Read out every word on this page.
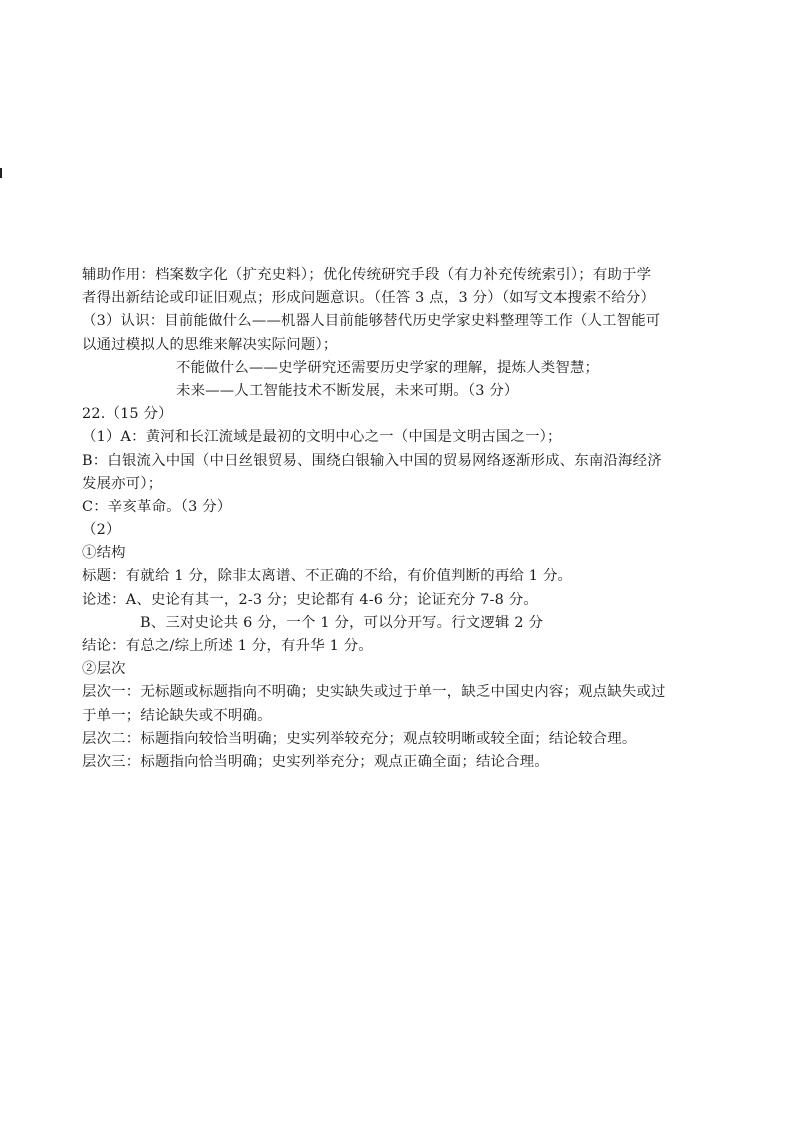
辅助作用：档案数字化（扩充史料）；优化传统研究手段（有力补充传统索引）；有助于学
者得出新结论或印证旧观点；形成问题意识。（任答 3 点，3 分）（如写文本搜索不给分）
（3）认识：目前能做什么——机器人目前能够替代历史学家史料整理等工作（人工智能可
以通过模拟人的思维来解决实际问题）；
不能做什么——史学研究还需要历史学家的理解，提炼人类智慧；
未来——人工智能技术不断发展，未来可期。（3 分）
22.（15 分）
（1）A：黄河和长江流域是最初的文明中心之一（中国是文明古国之一）；
B：白银流入中国（中日丝银贸易、围绕白银输入中国的贸易网络逐渐形成、东南沿海经济
发展亦可）；
C：辛亥革命。（3 分）
（2）
①结构
标题：有就给 1 分，除非太离谱、不正确的不给，有价值判断的再给 1 分。
论述：A、史论有其一，2-3 分；史论都有 4-6 分；论证充分 7-8 分。
B、三对史论共 6 分，一个 1 分，可以分开写。行文逻辑 2 分
结论：有总之/综上所述 1 分，有升华 1 分。
②层次
层次一：无标题或标题指向不明确；史实缺失或过于单一，缺乏中国史内容；观点缺失或过
于单一；结论缺失或不明确。
层次二：标题指向较恰当明确；史实列举较充分；观点较明晰或较全面；结论较合理。
层次三：标题指向恰当明确；史实列举充分；观点正确全面；结论合理。
